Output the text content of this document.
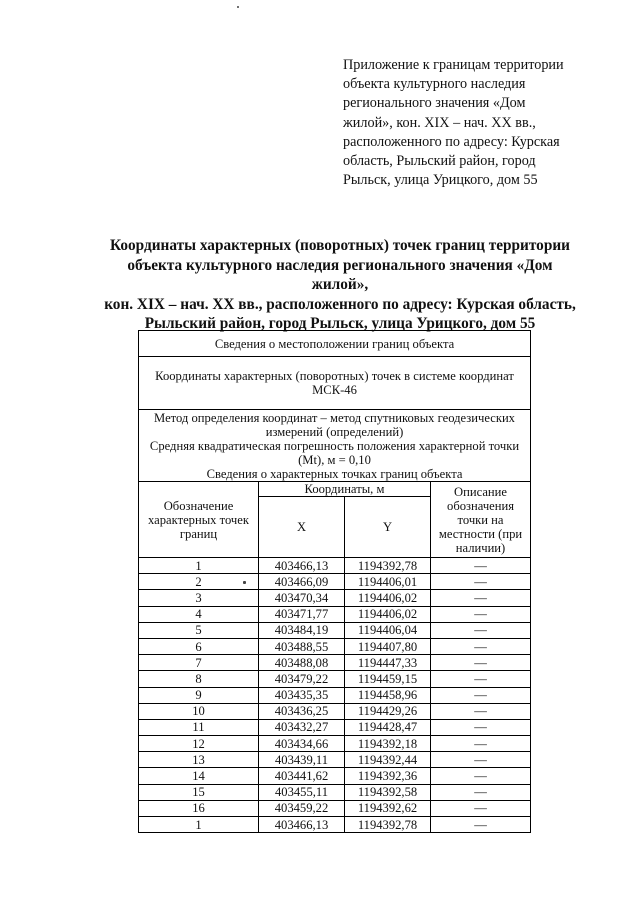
Приложение к границам территории

объекта культурного наследия

регионального значения «Дом

жилой», кон. XIX – нач. XX вв.,

расположенного по адресу: Курская

область, Рыльский район, город

Рыльск, улица Урицкого, дом 55

Координаты характерных (поворотных) точек границ территории
объекта культурного наследия регионального значения «Дом жилой»,
кон. XIX – нач. XX вв., расположенного по адресу: Курская область,
Рыльский район, город Рыльск, улица Урицкого, дом 55
Сведения о местоположении границ объекта			
Координаты характерных (поворотных) точек в системе координат МСК-46			

Метод определения координат – метод спутниковых геодезических измерений (определений)
Средняя квадратическая погрешность положения характерной точки (Mt), м = 0,10
Сведения о характерных точках границ объекта			

Обозначение характерных точек границ	Координаты, м		Описание обозначения точки на местности (при наличии)
	X	Y	
1	403466,13	1194392,78	—
2	403466,09	1194406,01	—
3	403470,34	1194406,02	—
4	403471,77	1194406,02	—
5	403484,19	1194406,04	—
6	403488,55	1194407,80	—
7	403488,08	1194447,33	—
8	403479,22	1194459,15	—
9	403435,35	1194458,96	—
10	403436,25	1194429,26	—
11	403432,27	1194428,47	—
12	403434,66	1194392,18	—
13	403439,11	1194392,44	—
14	403441,62	1194392,36	—
15	403455,11	1194392,58	—
16	403459,22	1194392,62	—
1	403466,13	1194392,78	—
